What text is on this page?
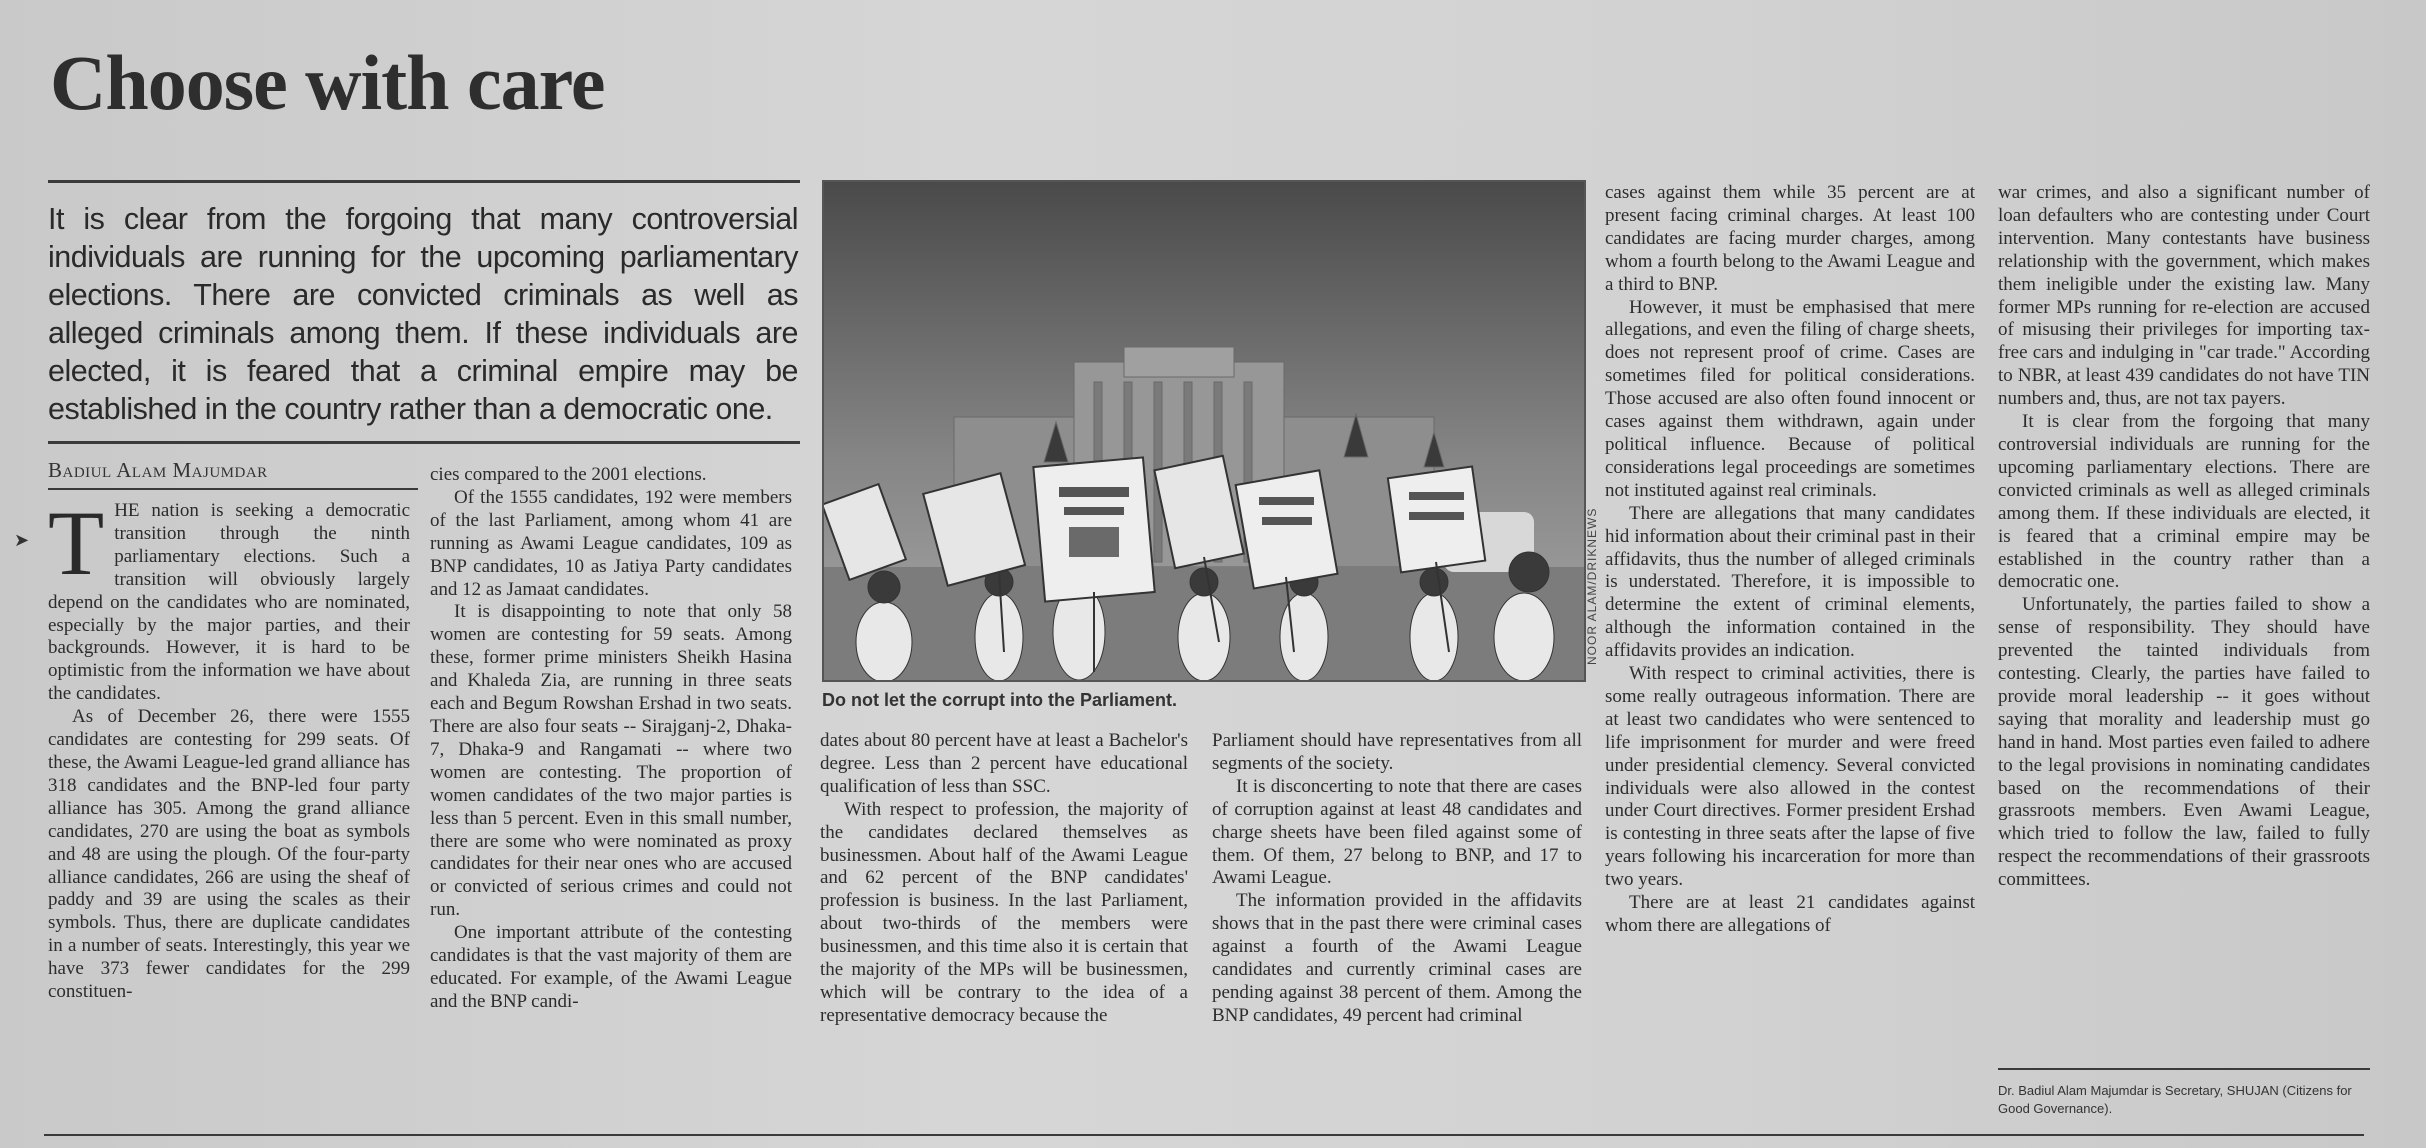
➤
Choose with care

It is clear from the forgoing that many controversial individuals are running for the upcoming parliamentary elections. There are convicted criminals as well as alleged criminals among them. If these individuals are elected, it is feared that a criminal empire may be established in the country rather than a democratic one.

Badiul Alam Majumdar

THE nation is seeking a democratic transition through the ninth parliamentary elections. Such a transition will obviously largely depend on the candidates who are nominated, especially by the major parties, and their backgrounds. However, it is hard to be optimistic from the information we have about the candidates.

As of December 26, there were 1555 candidates are contesting for 299 seats. Of these, the Awami League-led grand alliance has 318 candidates and the BNP-led four party alliance has 305. Among the grand alliance candidates, 270 are using the boat as symbols and 48 are using the plough. Of the four-party alliance candidates, 266 are using the sheaf of paddy and 39 are using the scales as their symbols. Thus, there are duplicate candidates in a number of seats. Interestingly, this year we have 373 fewer candidates for the 299 constituen-

cies compared to the 2001 elections.

Of the 1555 candidates, 192 were members of the last Parliament, among whom 41 are running as Awami League candidates, 109 as BNP candidates, 10 as Jatiya Party candidates and 12 as Jamaat candidates.

It is disappointing to note that only 58 women are contesting for 59 seats. Among these, former prime ministers Sheikh Hasina and Khaleda Zia, are running in three seats each and Begum Rowshan Ershad in two seats. There are also four seats -- Sirajganj-2, Dhaka-7, Dhaka-9 and Rangamati -- where two women are contesting. The proportion of women candidates of the two major parties is less than 5 percent. Even in this small number, there are some who were nominated as proxy candidates for their near ones who are accused or convicted of serious crimes and could not run.

One important attribute of the contesting candidates is that the vast majority of them are educated. For example, of the Awami League and the BNP candi-

NOOR ALAM/DRIKNEWS
Do not let the corrupt into the Parliament.

dates about 80 percent have at least a Bachelor's degree. Less than 2 percent have educational qualification of less than SSC.

With respect to profession, the majority of the candidates declared themselves as businessmen. About half of the Awami League and 62 percent of the BNP candidates' profession is business. In the last Parliament, about two-thirds of the members were businessmen, and this time also it is certain that the majority of the MPs will be businessmen, which will be contrary to the idea of a representative democracy because the

Parliament should have representatives from all segments of the society.

It is disconcerting to note that there are cases of corruption against at least 48 candidates and charge sheets have been filed against some of them. Of them, 27 belong to BNP, and 17 to Awami League.

The information provided in the affidavits shows that in the past there were criminal cases against a fourth of the Awami League candidates and currently criminal cases are pending against 38 percent of them. Among the BNP candidates, 49 percent had criminal

cases against them while 35 percent are at present facing criminal charges. At least 100 candidates are facing murder charges, among whom a fourth belong to the Awami League and a third to BNP.

However, it must be emphasised that mere allegations, and even the filing of charge sheets, does not represent proof of crime. Cases are sometimes filed for political considerations. Those accused are also often found innocent or cases against them withdrawn, again under political influence. Because of political considerations legal proceedings are sometimes not instituted against real criminals.

There are allegations that many candidates hid information about their criminal past in their affidavits, thus the number of alleged criminals is understated. Therefore, it is impossible to determine the extent of criminal elements, although the information contained in the affidavits provides an indication.

With respect to criminal activities, there is some really outrageous information. There are at least two candidates who were sentenced to life imprisonment for murder and were freed under presidential clemency. Several convicted individuals were also allowed in the contest under Court directives. Former president Ershad is contesting in three seats after the lapse of five years following his incarceration for more than two years.

There are at least 21 candidates against whom there are allegations of

war crimes, and also a significant number of loan defaulters who are contesting under Court intervention. Many contestants have business relationship with the government, which makes them ineligible under the existing law. Many former MPs running for re-election are accused of misusing their privileges for importing tax-free cars and indulging in "car trade." According to NBR, at least 439 candidates do not have TIN numbers and, thus, are not tax payers.

It is clear from the forgoing that many controversial individuals are running for the upcoming parliamentary elections. There are convicted criminals as well as alleged criminals among them. If these individuals are elected, it is feared that a criminal empire may be established in the country rather than a democratic one.

Unfortunately, the parties failed to show a sense of responsibility. They should have prevented the tainted individuals from contesting. Clearly, the parties have failed to provide moral leadership -- it goes without saying that morality and leadership must go hand in hand. Most parties even failed to adhere to the legal provisions in nominating candidates based on the recommendations of their grassroots members. Even Awami League, which tried to follow the law, failed to fully respect the recommendations of their grassroots committees.

Dr. Badiul Alam Majumdar is Secretary, SHUJAN (Citizens for Good Governance).
